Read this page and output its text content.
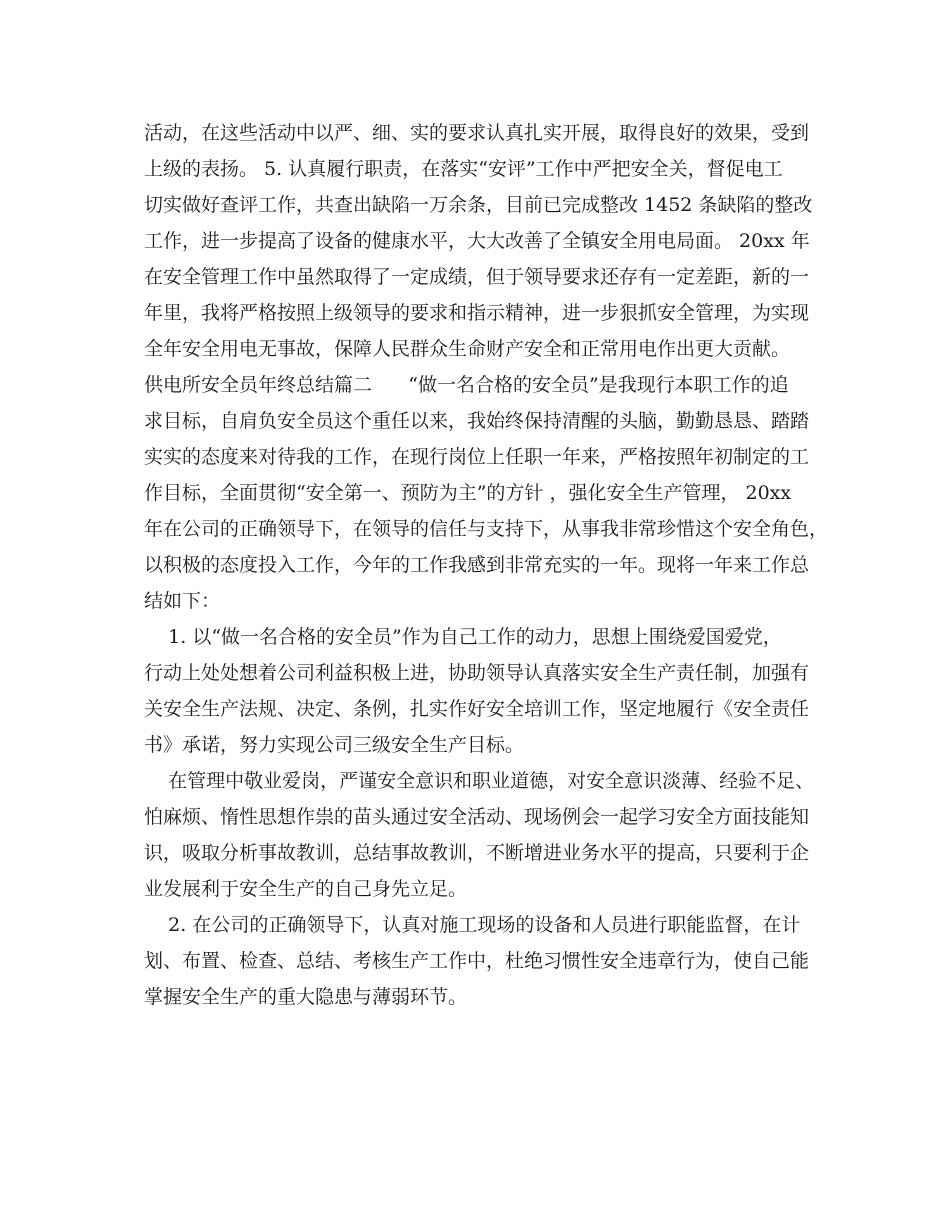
活动，在这些活动中以严、细、实的要求认真扎实开展，取得良好的效果，受到
上级的表扬。 5. 认真履行职责，在落实“安评”工作中严把安全关，督促电工
切实做好查评工作，共查出缺陷一万余条，目前已完成整改 1452 条缺陷的整改
工作，进一步提高了设备的健康水平，大大改善了全镇安全用电局面。 20xx 年
在安全管理工作中虽然取得了一定成绩，但于领导要求还存有一定差距，新的一
年里，我将严格按照上级领导的要求和指示精神，进一步狠抓安全管理，为实现
全年安全用电无事故，保障人民群众生命财产安全和正常用电作出更大贡献。
供电所安全员年终总结篇二      “做一名合格的安全员”是我现行本职工作的追
求目标，自肩负安全员这个重任以来，我始终保持清醒的头脑，勤勤恳恳、踏踏
实实的态度来对待我的工作，在现行岗位上任职一年来，严格按照年初制定的工
作目标，全面贯彻“安全第一、预防为主”的方针 ，强化安全生产管理， 20xx
年在公司的正确领导下，在领导的信任与支持下，从事我非常珍惜这个安全角色，
以积极的态度投入工作，今年的工作我感到非常充实的一年。现将一年来工作总
结如下：
1. 以“做一名合格的安全员”作为自己工作的动力，思想上围绕爱国爱党，
行动上处处想着公司利益积极上进，协助领导认真落实安全生产责任制，加强有
关安全生产法规、决定、条例，扎实作好安全培训工作，坚定地履行《安全责任
书》承诺，努力实现公司三级安全生产目标。
在管理中敬业爱岗，严谨安全意识和职业道德，对安全意识淡薄、经验不足、
怕麻烦、惰性思想作祟的苗头通过安全活动、现场例会一起学习安全方面技能知
识，吸取分析事故教训，总结事故教训，不断增进业务水平的提高，只要利于企
业发展利于安全生产的自己身先立足。
2. 在公司的正确领导下，认真对施工现场的设备和人员进行职能监督，在计
划、布置、检查、总结、考核生产工作中，杜绝习惯性安全违章行为，使自己能
掌握安全生产的重大隐患与薄弱环节。
